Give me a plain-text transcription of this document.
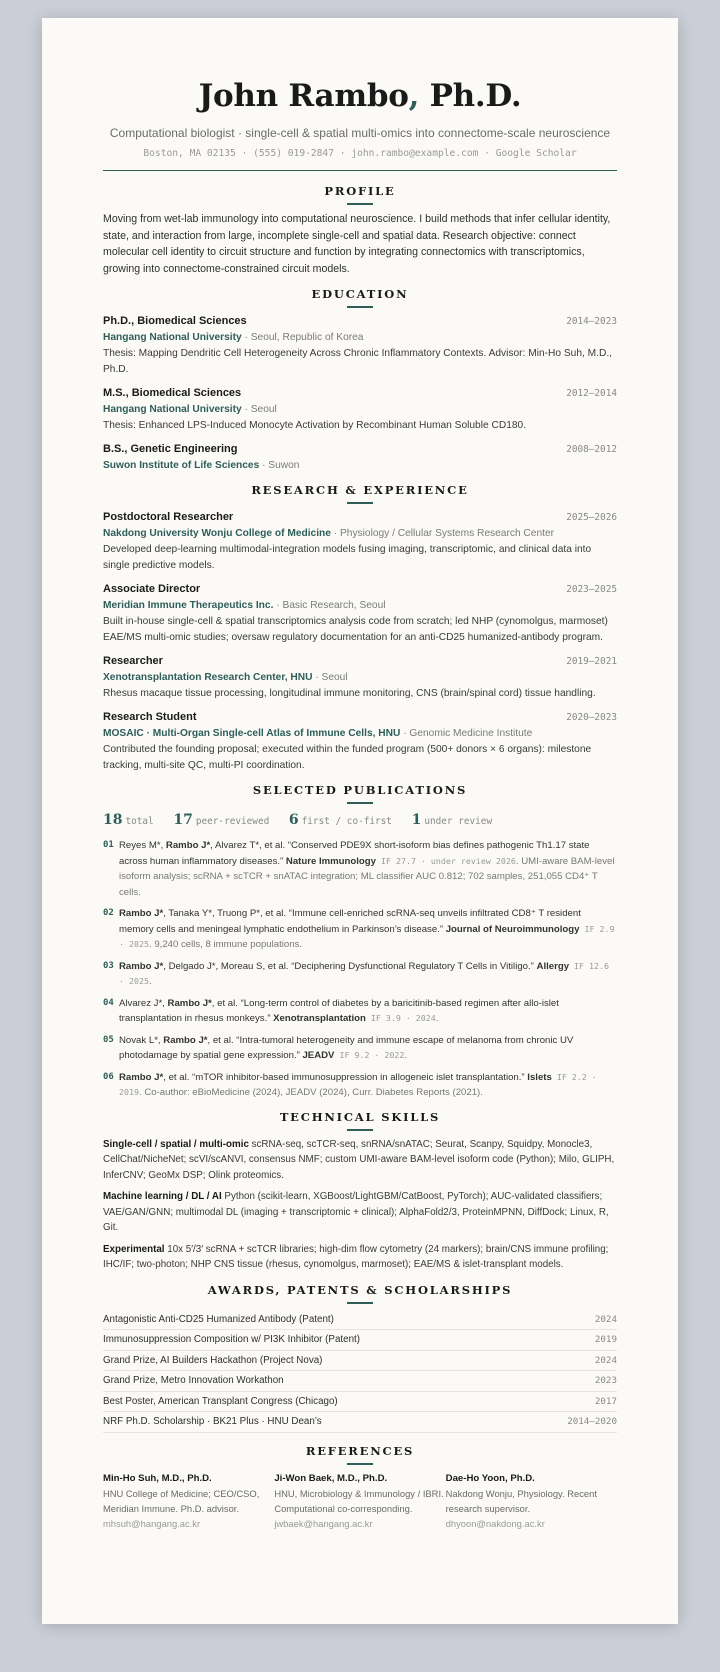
John Rambo, Ph.D.
Computational biologist · single-cell & spatial multi-omics into connectome-scale neuroscience
Boston, MA 02135 · (555) 019-2847 · john.rambo@example.com · Google Scholar
PROFILE
Moving from wet-lab immunology into computational neuroscience. I build methods that infer cellular identity, state, and interaction from large, incomplete single-cell and spatial data. Research objective: connect molecular cell identity to circuit structure and function by integrating connectomics with transcriptomics, growing into connectome-constrained circuit models.
EDUCATION
Ph.D., Biomedical Sciences	2014–2023
Hangang National University · Seoul, Republic of Korea
Thesis: Mapping Dendritic Cell Heterogeneity Across Chronic Inflammatory Contexts. Advisor: Min-Ho Suh, M.D., Ph.D.
M.S., Biomedical Sciences	2012–2014
Hangang National University · Seoul
Thesis: Enhanced LPS-Induced Monocyte Activation by Recombinant Human Soluble CD180.
B.S., Genetic Engineering	2008–2012
Suwon Institute of Life Sciences · Suwon
RESEARCH & EXPERIENCE
Postdoctoral Researcher	2025–2026
Nakdong University Wonju College of Medicine · Physiology / Cellular Systems Research Center
Developed deep-learning multimodal-integration models fusing imaging, transcriptomic, and clinical data into single predictive models.
Associate Director	2023–2025
Meridian Immune Therapeutics Inc. · Basic Research, Seoul
Built in-house single-cell & spatial transcriptomics analysis code from scratch; led NHP (cynomolgus, marmoset) EAE/MS multi-omic studies; oversaw regulatory documentation for an anti-CD25 humanized-antibody program.
Researcher	2019–2021
Xenotransplantation Research Center, HNU · Seoul
Rhesus macaque tissue processing, longitudinal immune monitoring, CNS (brain/spinal cord) tissue handling.
Research Student	2020–2023
MOSAIC · Multi-Organ Single-cell Atlas of Immune Cells, HNU · Genomic Medicine Institute
Contributed the founding proposal; executed within the funded program (500+ donors × 6 organs): milestone tracking, multi-site QC, multi-PI coordination.
SELECTED PUBLICATIONS
18 total 17 peer-reviewed 6 first / co-first 1 under review
01 Reyes M*, Rambo J*, Alvarez T*, et al. “Conserved PDE9X short-isoform bias defines pathogenic Th1.17 state across human inflammatory diseases.” Nature Immunology IF 27.7 · under review 2026. UMI-aware BAM-level isoform analysis; scRNA + scTCR + snATAC integration; ML classifier AUC 0.812; 702 samples, 251,055 CD4⁺ T cells.
02 Rambo J*, Tanaka Y*, Truong P*, et al. “Immune cell-enriched scRNA-seq unveils infiltrated CD8⁺ T resident memory cells and meningeal lymphatic endothelium in Parkinson’s disease.” Journal of Neuroimmunology IF 2.9 · 2025. 9,240 cells, 8 immune populations.
03 Rambo J*, Delgado J*, Moreau S, et al. “Deciphering Dysfunctional Regulatory T Cells in Vitiligo.” Allergy IF 12.6 · 2025.
04 Alvarez J*, Rambo J*, et al. “Long-term control of diabetes by a baricitinib-based regimen after allo-islet transplantation in rhesus monkeys.” Xenotransplantation IF 3.9 · 2024.
05 Novak L*, Rambo J*, et al. “Intra-tumoral heterogeneity and immune escape of melanoma from chronic UV photodamage by spatial gene expression.” JEADV IF 9.2 · 2022.
06 Rambo J*, et al. “mTOR inhibitor-based immunosuppression in allogeneic islet transplantation.” Islets IF 2.2 · 2019. Co-author: eBioMedicine (2024), JEADV (2024), Curr. Diabetes Reports (2021).
TECHNICAL SKILLS
Single-cell / spatial / multi-omic scRNA-seq, scTCR-seq, snRNA/snATAC; Seurat, Scanpy, Squidpy, Monocle3, CellChat/NicheNet; scVI/scANVI, consensus NMF; custom UMI-aware BAM-level isoform code (Python); Milo, GLIPH, InferCNV; GeoMx DSP; Olink proteomics.
Machine learning / DL / AI Python (scikit-learn, XGBoost/LightGBM/CatBoost, PyTorch); AUC-validated classifiers; VAE/GAN/GNN; multimodal DL (imaging + transcriptomic + clinical); AlphaFold2/3, ProteinMPNN, DiffDock; Linux, R, Git.
Experimental 10x 5′/3′ scRNA + scTCR libraries; high-dim flow cytometry (24 markers); brain/CNS immune profiling; IHC/IF; two-photon; NHP CNS tissue (rhesus, cynomolgus, marmoset); EAE/MS & islet-transplant models.
AWARDS, PATENTS & SCHOLARSHIPS
Antagonistic Anti-CD25 Humanized Antibody (Patent)	2024
Immunosuppression Composition w/ PI3K Inhibitor (Patent)	2019
Grand Prize, AI Builders Hackathon (Project Nova)	2024
Grand Prize, Metro Innovation Workathon	2023
Best Poster, American Transplant Congress (Chicago)	2017
NRF Ph.D. Scholarship · BK21 Plus · HNU Dean’s	2014–2020
REFERENCES
Min-Ho Suh, M.D., Ph.D.
HNU College of Medicine; CEO/CSO, Meridian Immune. Ph.D. advisor.
mhsuh@hangang.ac.kr
Ji-Won Baek, M.D., Ph.D.
HNU, Microbiology & Immunology / IBRI. Computational co-corresponding.
jwbaek@hangang.ac.kr
Dae-Ho Yoon, Ph.D.
Nakdong Wonju, Physiology. Recent research supervisor.
dhyoon@nakdong.ac.kr
